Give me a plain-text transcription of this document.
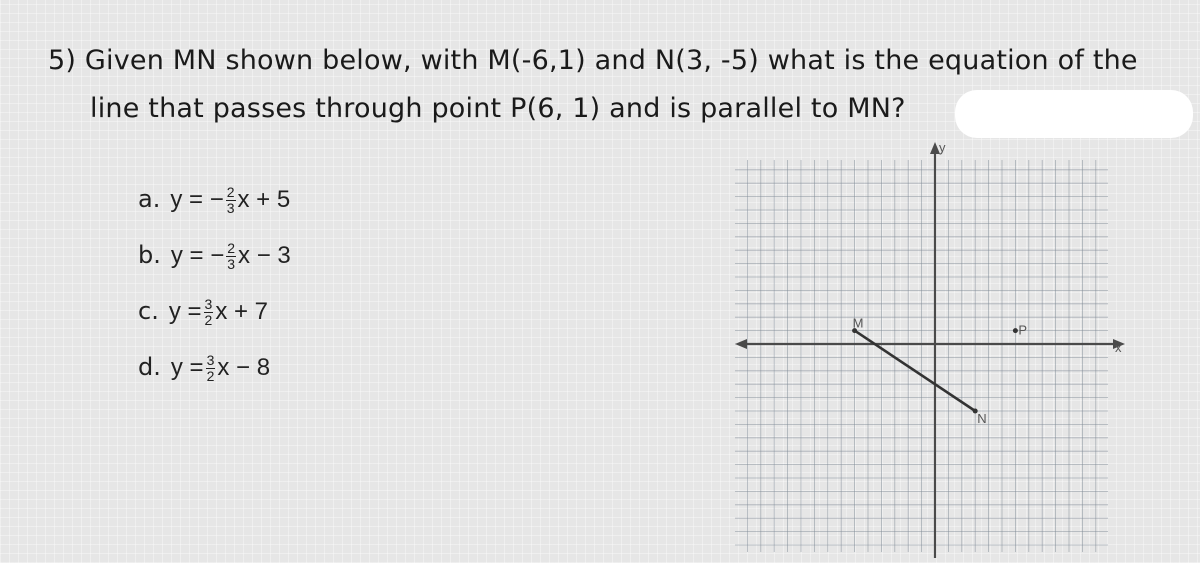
5) Given MN shown below, with M(-6,1) and N(3, -5) what is the equation of the
line that passes through point P(6, 1) and is parallel to MN?
a. y = − $\frac{2}{3}$ x + 5
b. y = − $\frac{2}{3}$ x − 3
c. $y = \frac{3}{2}$ x + 7
d. $y = \frac{3}{2}$ x − 8
y
x
M
N
P
